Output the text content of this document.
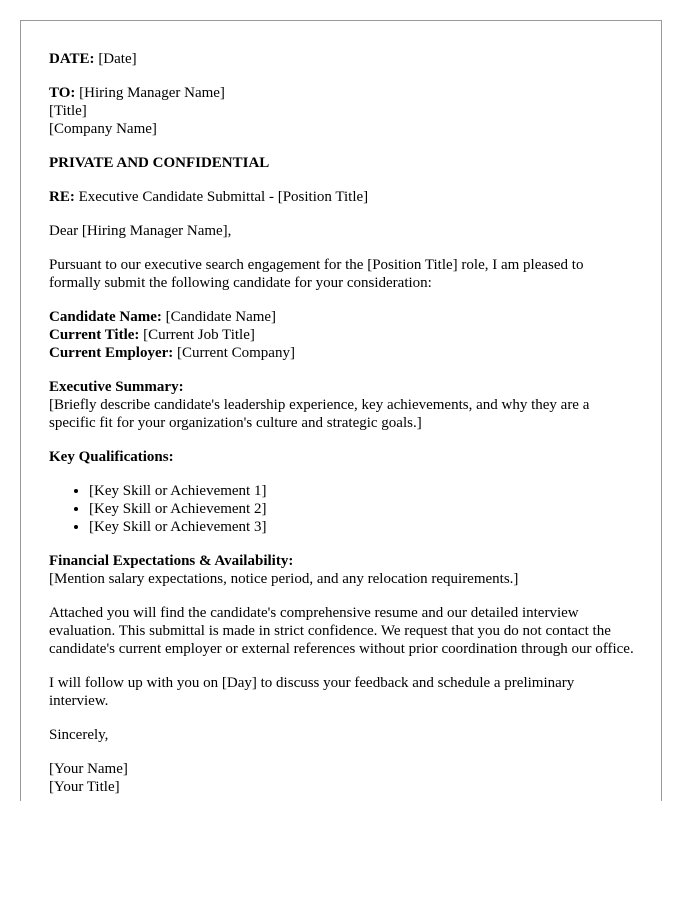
DATE: [Date]

TO: [Hiring Manager Name]
[Title]
[Company Name]

PRIVATE AND CONFIDENTIAL

RE: Executive Candidate Submittal - [Position Title]

Dear [Hiring Manager Name],

Pursuant to our executive search engagement for the [Position Title] role, I am pleased to formally submit the following candidate for your consideration:

Candidate Name: [Candidate Name]
Current Title: [Current Job Title]
Current Employer: [Current Company]

Executive Summary:
[Briefly describe candidate's leadership experience, key achievements, and why they are a specific fit for your organization's culture and strategic goals.]

Key Qualifications:

• [Key Skill or Achievement 1]
• [Key Skill or Achievement 2]
• [Key Skill or Achievement 3]

Financial Expectations & Availability:
[Mention salary expectations, notice period, and any relocation requirements.]

Attached you will find the candidate's comprehensive resume and our detailed interview evaluation. This submittal is made in strict confidence. We request that you do not contact the candidate's current employer or external references without prior coordination through our office.

I will follow up with you on [Day] to discuss your feedback and schedule a preliminary interview.

Sincerely,

[Your Name]
[Your Title]
